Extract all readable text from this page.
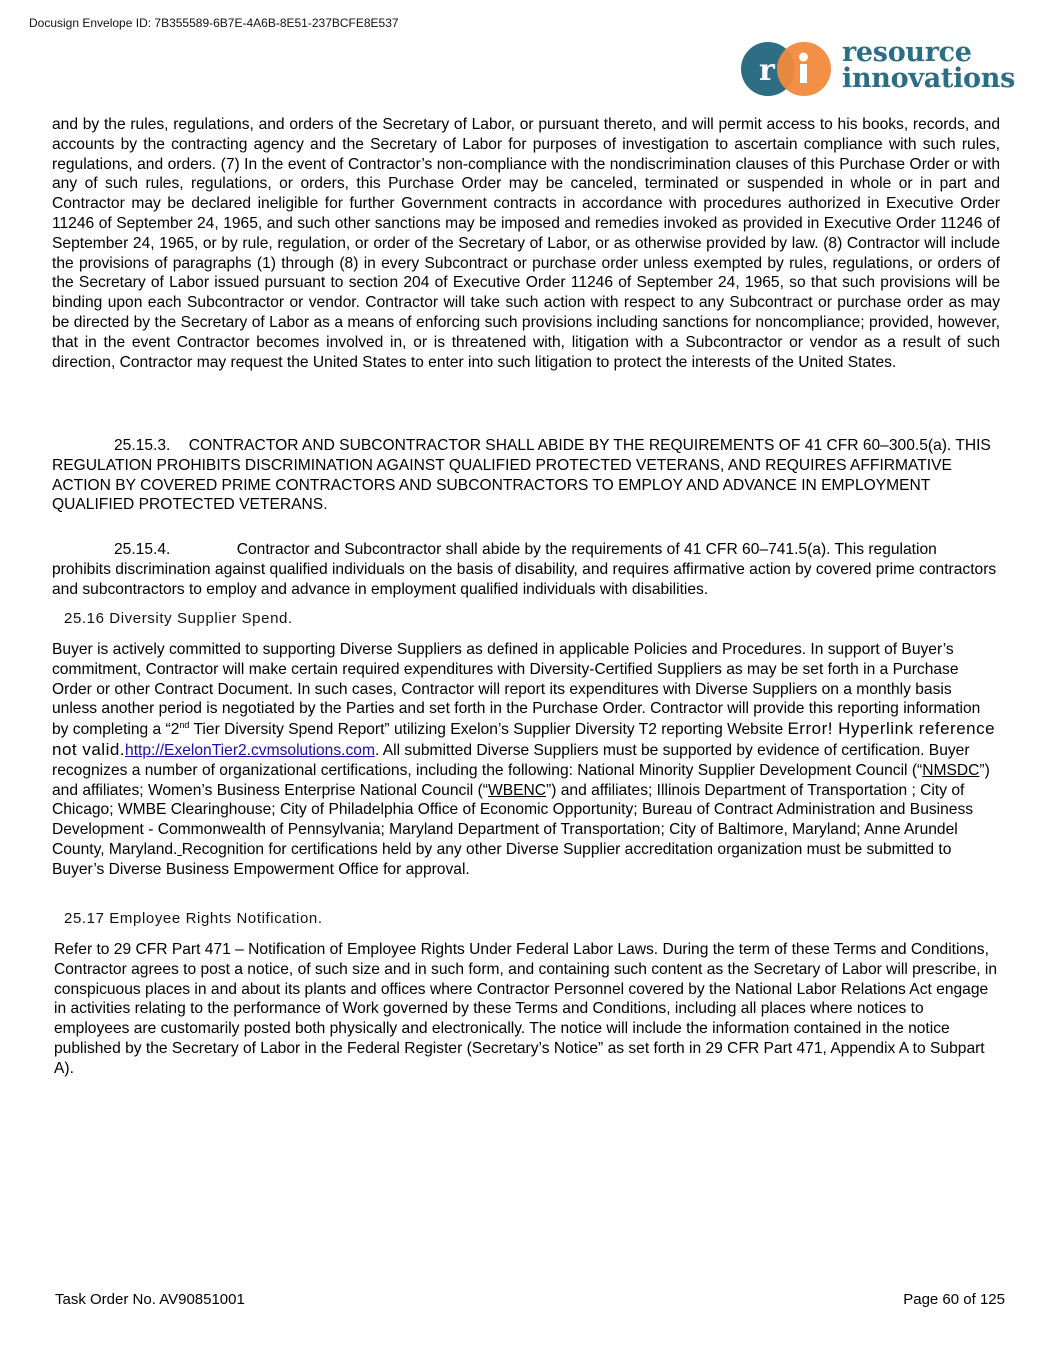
Docusign Envelope ID: 7B355589-6B7E-4A6B-8E51-237BCFE8E537
r
resource
innovations
and by the rules, regulations, and orders of the Secretary of Labor, or pursuant thereto, and will permit access to his books, records, and accounts by the contracting agency and the Secretary of Labor for purposes of investigation to ascertain compliance with such rules, regulations, and orders. (7) In the event of Contractor’s non-compliance with the nondiscrimination clauses of this Purchase Order or with any of such rules, regulations, or orders, this Purchase Order may be canceled, terminated or suspended in whole or in part and Contractor may be declared ineligible for further Government contracts in accordance with procedures authorized in Executive Order 11246 of September 24, 1965, and such other sanctions may be imposed and remedies invoked as provided in Executive Order 11246 of September 24, 1965, or by rule, regulation, or order of the Secretary of Labor, or as otherwise provided by law. (8) Contractor will include the provisions of paragraphs (1) through (8) in every Subcontract or purchase order unless exempted by rules, regulations, or orders of the Secretary of Labor issued pursuant to section 204 of Executive Order 11246 of September 24, 1965, so that such provisions will be binding upon each Subcontractor or vendor. Contractor will take such action with respect to any Subcontract or purchase order as may be directed by the Secretary of Labor as a means of enforcing such provisions including sanctions for noncompliance; provided, however, that in the event Contractor becomes involved in, or is threatened with, litigation with a Subcontractor or vendor as a result of such direction, Contractor may request the United States to enter into such litigation to protect the interests of the United States.
25.15.3. CONTRACTOR AND SUBCONTRACTOR SHALL ABIDE BY THE REQUIREMENTS OF 41 CFR 60–300.5(a). THIS REGULATION PROHIBITS DISCRIMINATION AGAINST QUALIFIED PROTECTED VETERANS, AND REQUIRES AFFIRMATIVE ACTION BY COVERED PRIME CONTRACTORS AND SUBCONTRACTORS TO EMPLOY AND ADVANCE IN EMPLOYMENT QUALIFIED PROTECTED VETERANS.
25.15.4.	Contractor and Subcontractor shall abide by the requirements of 41 CFR 60–741.5(a). This regulation prohibits discrimination against qualified individuals on the basis of disability, and requires affirmative action by covered prime contractors and subcontractors to employ and advance in employment qualified individuals with disabilities.
25.16 Diversity Supplier Spend.
Buyer is actively committed to supporting Diverse Suppliers as defined in applicable Policies and Procedures. In support of Buyer’s commitment, Contractor will make certain required expenditures with Diversity-Certified Suppliers as may be set forth in a Purchase Order or other Contract Document. In such cases, Contractor will report its expenditures with Diverse Suppliers on a monthly basis unless another period is negotiated by the Parties and set forth in the Purchase Order. Contractor will provide this reporting information by completing a “2nd Tier Diversity Spend Report” utilizing Exelon’s Supplier Diversity T2 reporting Website Error! Hyperlink reference not valid.http://ExelonTier2.cvmsolutions.com. All submitted Diverse Suppliers must be supported by evidence of certification. Buyer recognizes a number of organizational certifications, including the following: National Minority Supplier Development Council (“NMSDC”) and affiliates; Women’s Business Enterprise National Council (“WBENC”) and affiliates; Illinois Department of Transportation ; City of Chicago; WMBE Clearinghouse; City of Philadelphia Office of Economic Opportunity; Bureau of Contract Administration and Business Development - Commonwealth of Pennsylvania; Maryland Department of Transportation; City of Baltimore, Maryland; Anne Arundel County, Maryland. Recognition for certifications held by any other Diverse Supplier accreditation organization must be submitted to Buyer’s Diverse Business Empowerment Office for approval.
25.17 Employee Rights Notification.
Refer to 29 CFR Part 471 – Notification of Employee Rights Under Federal Labor Laws. During the term of these Terms and Conditions, Contractor agrees to post a notice, of such size and in such form, and containing such content as the Secretary of Labor will prescribe, in conspicuous places in and about its plants and offices where Contractor Personnel covered by the National Labor Relations Act engage in activities relating to the performance of Work governed by these Terms and Conditions, including all places where notices to employees are customarily posted both physically and electronically. The notice will include the information contained in the notice published by the Secretary of Labor in the Federal Register (Secretary’s Notice” as set forth in 29 CFR Part 471, Appendix A to Subpart A).
Task Order No. AV90851001	Page 60 of 125
